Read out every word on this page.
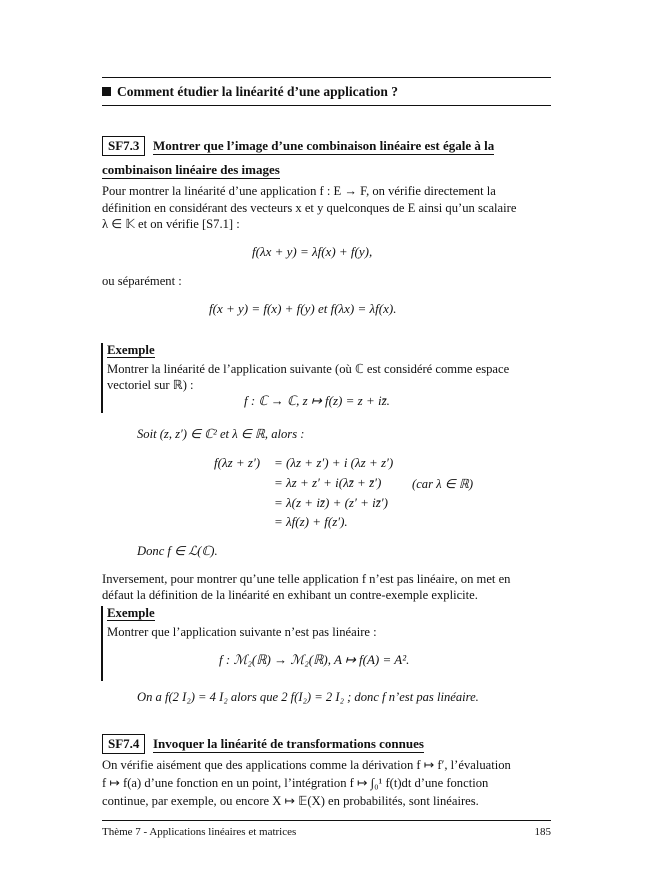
Comment étudier la linéarité d’une application ?
SF7.3	Montrer que l’image d’une combinaison linéaire est égale à la
combinaison linéaire des images
Pour montrer la linéarité d’une application f : E → F, on vérifie directement la
définition en considérant des vecteurs x et y quelconques de E ainsi qu’un scalaire
λ ∈ 𝕂 et on vérifie [S7.1] :
f(λx + y) = λf(x) + f(y),
ou séparément :
f(x + y) = f(x) + f(y) et f(λx) = λf(x).
Exemple
Montrer la linéarité de l’application suivante (où ℂ est considéré comme espace
vectoriel sur ℝ) :
f : ℂ → ℂ, z ↦ f(z) = z + iz̄.
Soit (z, z′) ∈ ℂ² et λ ∈ ℝ, alors :
f(λz + z′) = (λz + z′) + i (λz + z′)
= λz + z′ + i(λz̄ + z̄′) (car λ ∈ ℝ)
= λ(z + iz̄) + (z′ + iz̄′)
= λf(z) + f(z′).
Donc f ∈ ℒ(ℂ).
Inversement, pour montrer qu’une telle application f n’est pas linéaire, on met en
défaut la définition de la linéarité en exhibant un contre-exemple explicite.
Exemple
Montrer que l’application suivante n’est pas linéaire :
f : ℳ₂(ℝ) → ℳ₂(ℝ), A ↦ f(A) = A².
On a f(2 I₂) = 4 I₂ alors que 2 f(I₂) = 2 I₂ ; donc f n’est pas linéaire.
SF7.4	Invoquer la linéarité de transformations connues
On vérifie aisément que des applications comme la dérivation f ↦ f′, l’évaluation
f ↦ f(a) d’une fonction en un point, l’intégration f ↦ ∫₀¹ f(t)dt d’une fonction
continue, par exemple, ou encore X ↦ 𝔼(X) en probabilités, sont linéaires.
Thème 7 - Applications linéaires et matrices	185
